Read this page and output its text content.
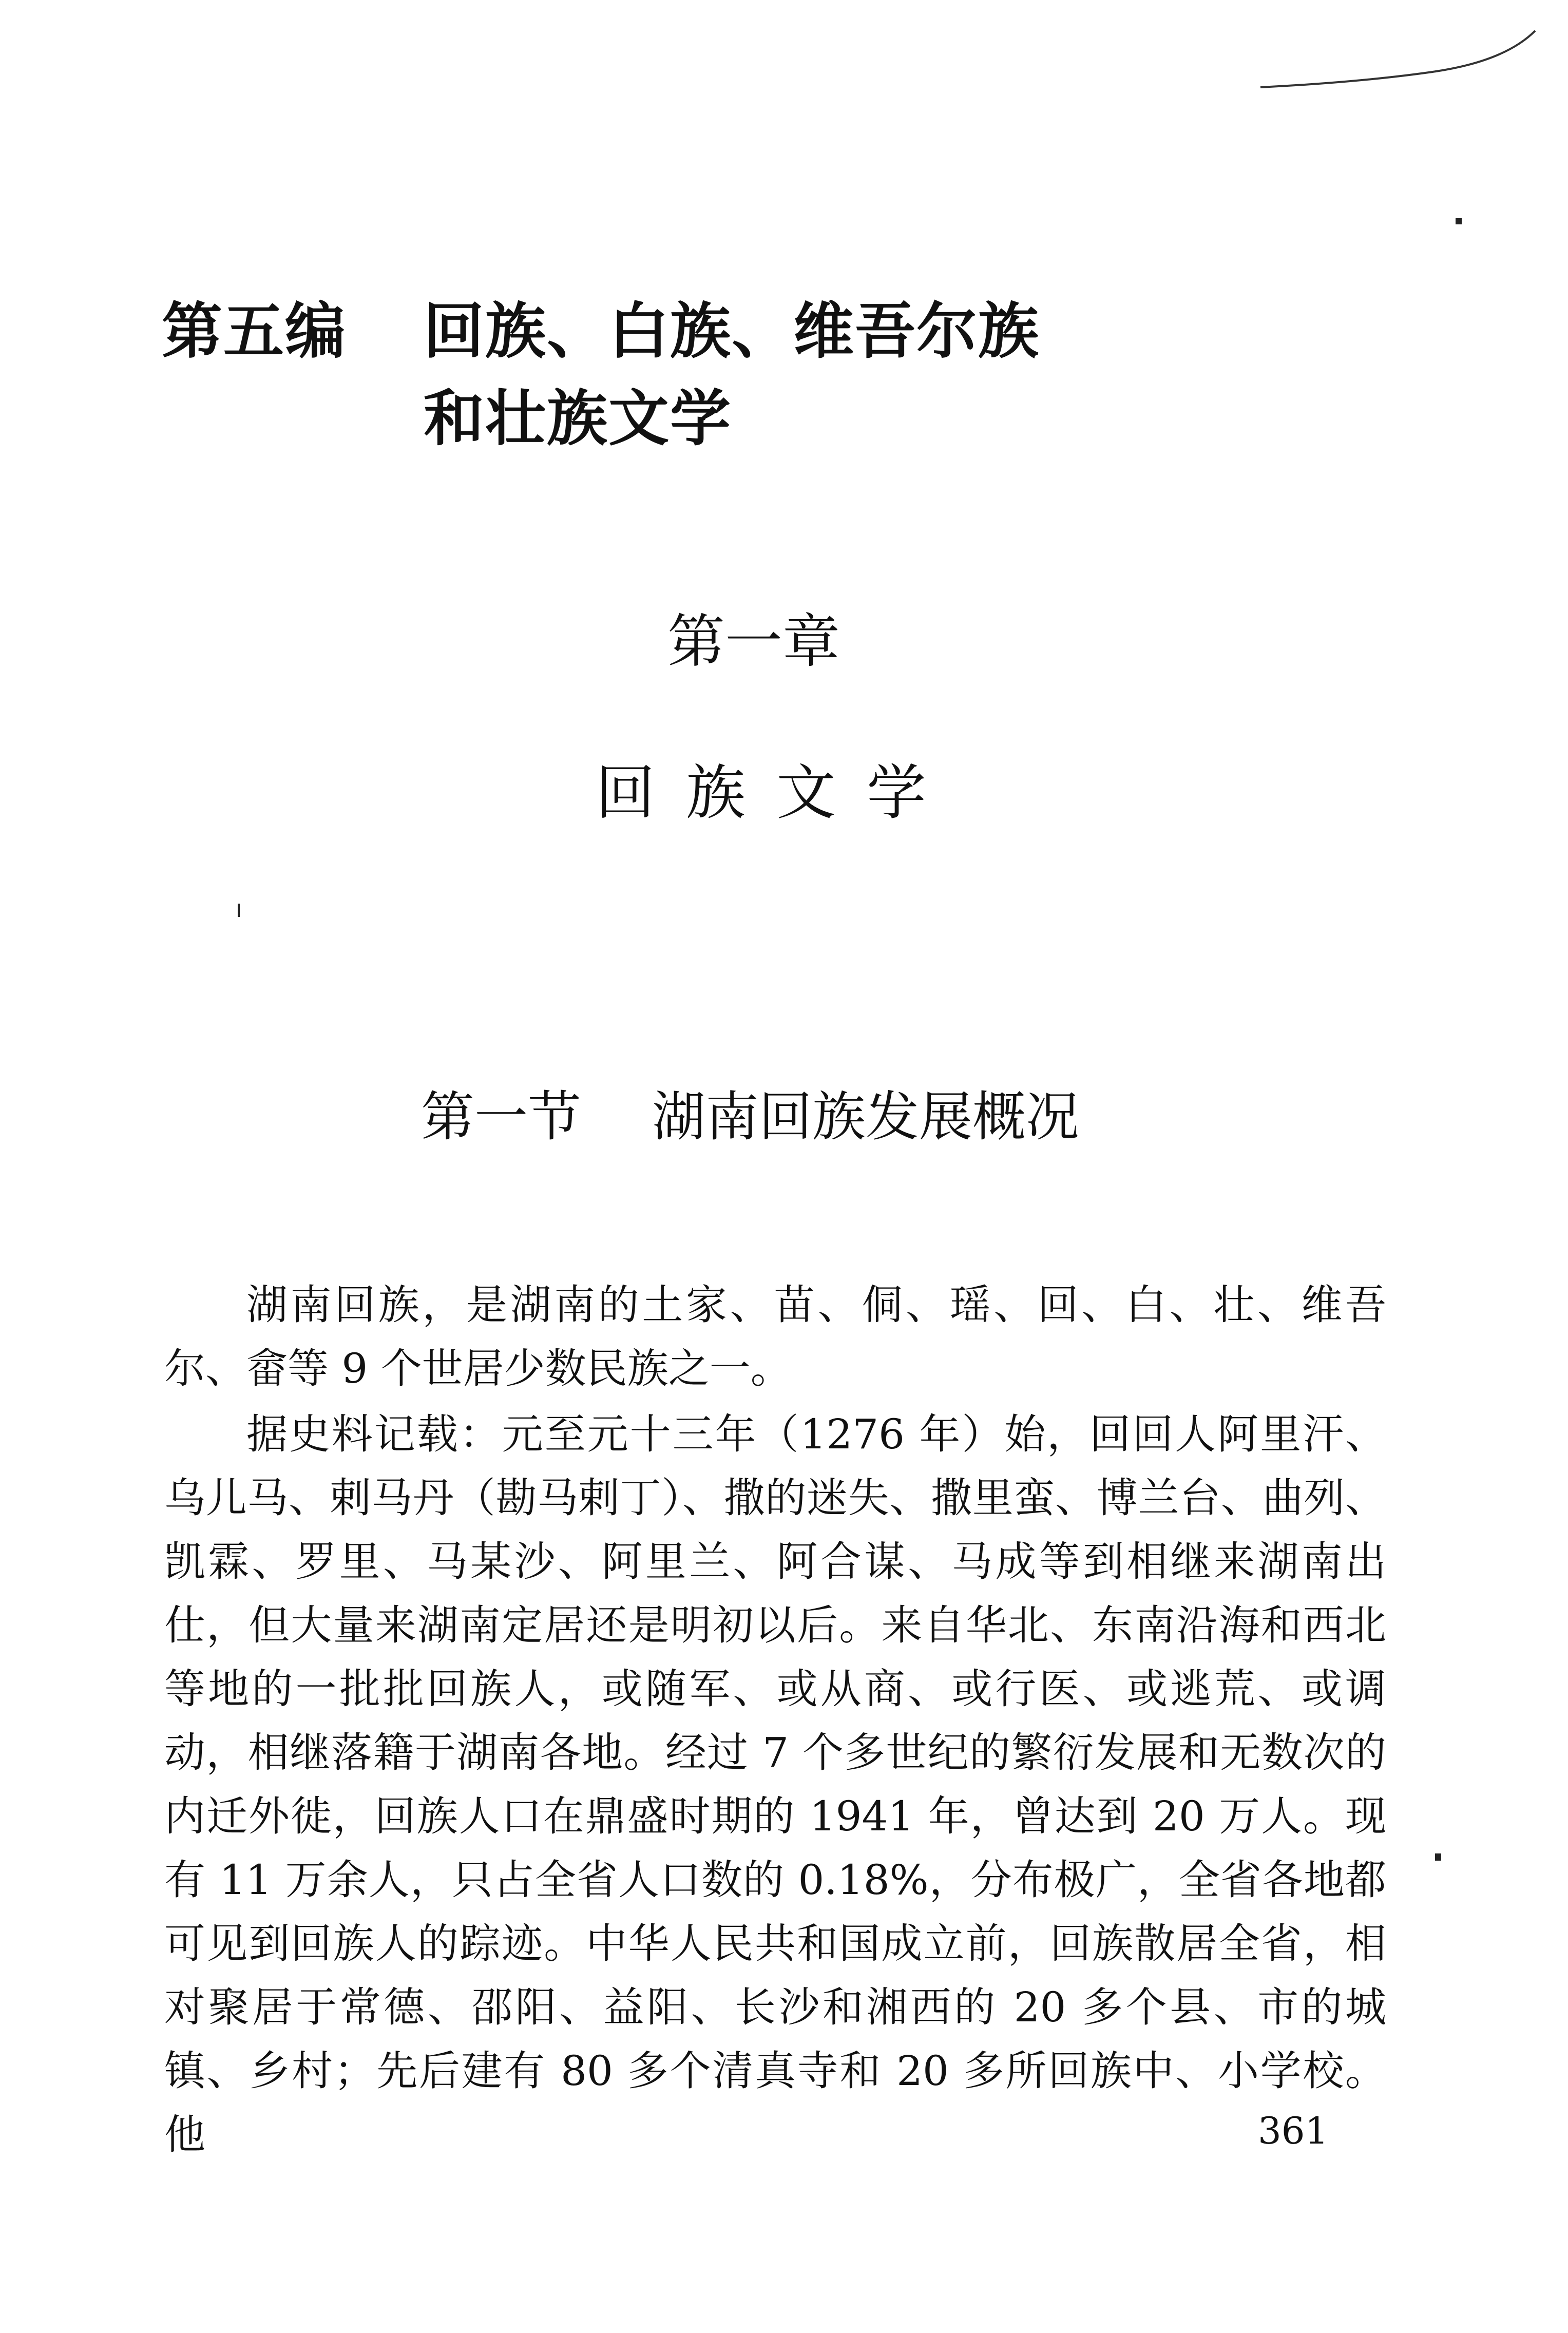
第五编 回族、白族、维吾尔族
和壮族文学
第一章
回族文学
第一节 湖南回族发展概况

湖南回族，是湖南的土家、苗、侗、瑶、回、白、壮、维吾尔、畲等 9 个世居少数民族之一。

据史料记载：元至元十三年（1276 年）始，回回人阿里汗、乌儿马、剌马丹（勘马剌丁）、撒的迷失、撒里蛮、博兰台、曲列、凯霖、罗里、马某沙、阿里兰、阿合谋、马成等到相继来湖南出仕，但大量来湖南定居还是明初以后。来自华北、东南沿海和西北等地的一批批回族人，或随军、或从商、或行医、或逃荒、或调动，相继落籍于湖南各地。经过 7 个多世纪的繁衍发展和无数次的内迁外徙，回族人口在鼎盛时期的 1941 年，曾达到 20 万人。现有 11 万余人，只占全省人口数的 0.18%，分布极广，全省各地都可见到回族人的踪迹。中华人民共和国成立前，回族散居全省，相对聚居于常德、邵阳、益阳、长沙和湘西的 20 多个县、市的城镇、乡村；先后建有 80 多个清真寺和 20 多所回族中、小学校。他	361
